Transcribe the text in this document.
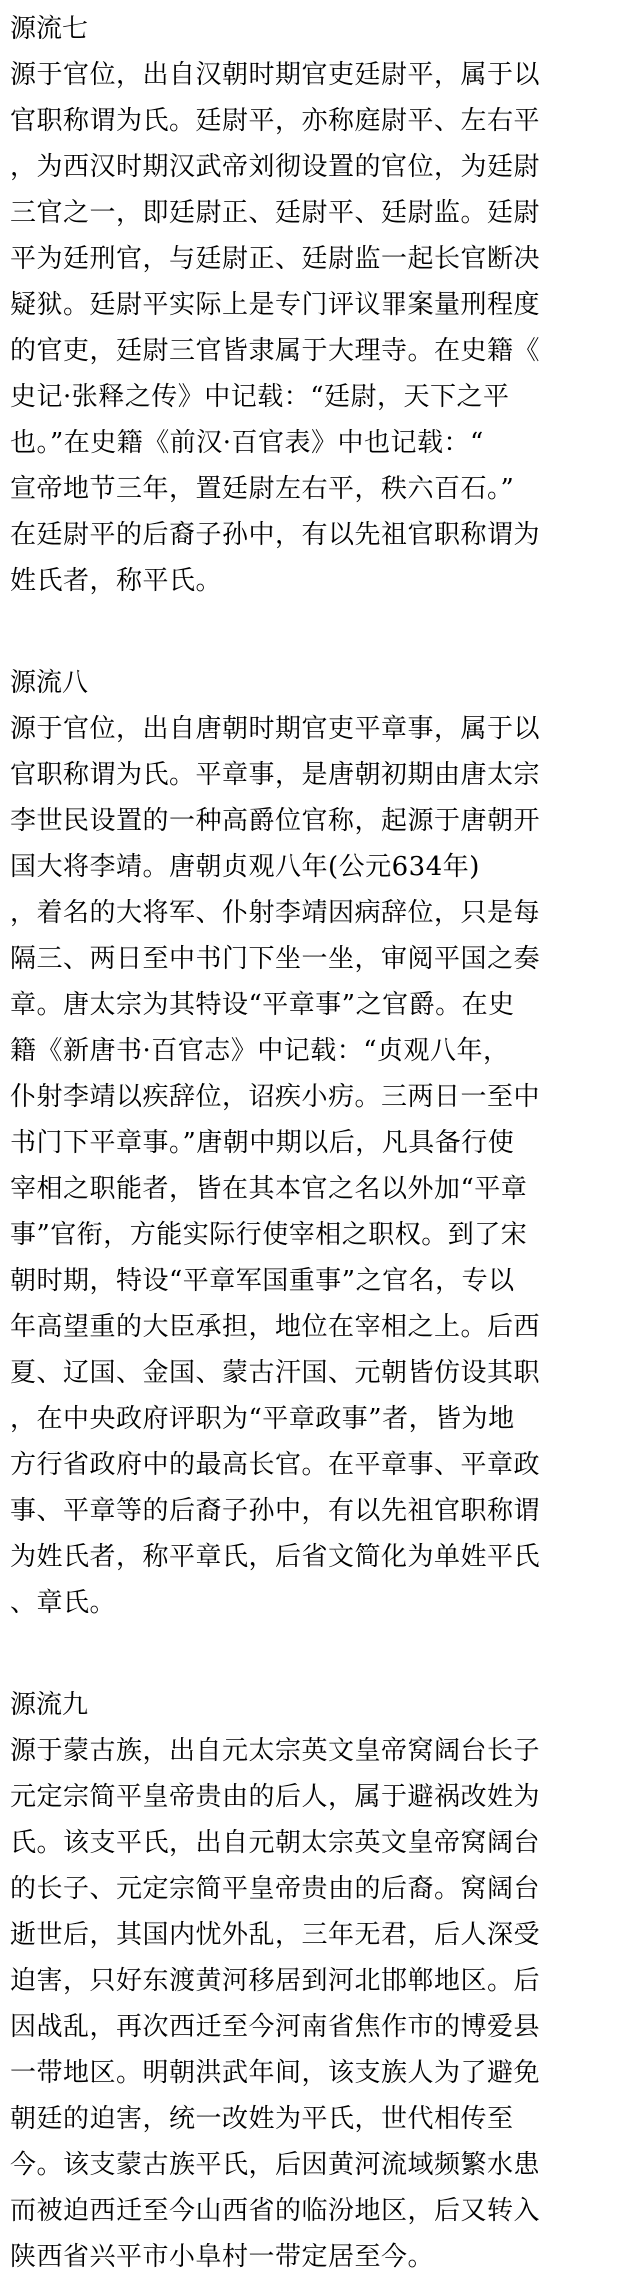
源流七
源于官位，出自汉朝时期官吏廷尉平，属于以
官职称谓为氏。廷尉平，亦称庭尉平、左右平
，为西汉时期汉武帝刘彻设置的官位，为廷尉
三官之一，即廷尉正、廷尉平、廷尉监。廷尉
平为廷刑官，与廷尉正、廷尉监一起长官断决
疑狱。廷尉平实际上是专门评议罪案量刑程度
的官吏，廷尉三官皆隶属于大理寺。在史籍《
史记·张释之传》中记载：“廷尉，天下之平
也。”在史籍《前汉·百官表》中也记载：“
宣帝地节三年，置廷尉左右平，秩六百石。”
在廷尉平的后裔子孙中，有以先祖官职称谓为
姓氏者，称平氏。
源流八
源于官位，出自唐朝时期官吏平章事，属于以
官职称谓为氏。平章事，是唐朝初期由唐太宗
李世民设置的一种高爵位官称，起源于唐朝开
国大将李靖。唐朝贞观八年(公元634年)
，着名的大将军、仆射李靖因病辞位，只是每
隔三、两日至中书门下坐一坐，审阅平国之奏
章。唐太宗为其特设“平章事”之官爵。在史
籍《新唐书·百官志》中记载：“贞观八年，
仆射李靖以疾辞位，诏疾小疠。三两日一至中
书门下平章事。”唐朝中期以后，凡具备行使
宰相之职能者，皆在其本官之名以外加“平章
事”官衔，方能实际行使宰相之职权。到了宋
朝时期，特设“平章军国重事”之官名，专以
年高望重的大臣承担，地位在宰相之上。后西
夏、辽国、金国、蒙古汗国、元朝皆仿设其职
，在中央政府评职为“平章政事”者，皆为地
方行省政府中的最高长官。在平章事、平章政
事、平章等的后裔子孙中，有以先祖官职称谓
为姓氏者，称平章氏，后省文简化为单姓平氏
、章氏。
源流九
源于蒙古族，出自元太宗英文皇帝窝阔台长子
元定宗简平皇帝贵由的后人，属于避祸改姓为
氏。该支平氏，出自元朝太宗英文皇帝窝阔台
的长子、元定宗简平皇帝贵由的后裔。窝阔台
逝世后，其国内忧外乱，三年无君，后人深受
迫害，只好东渡黄河移居到河北邯郸地区。后
因战乱，再次西迁至今河南省焦作市的博爱县
一带地区。明朝洪武年间，该支族人为了避免
朝廷的迫害，统一改姓为平氏，世代相传至
今。该支蒙古族平氏，后因黄河流域频繁水患
而被迫西迁至今山西省的临汾地区，后又转入
陕西省兴平市小阜村一带定居至今。
